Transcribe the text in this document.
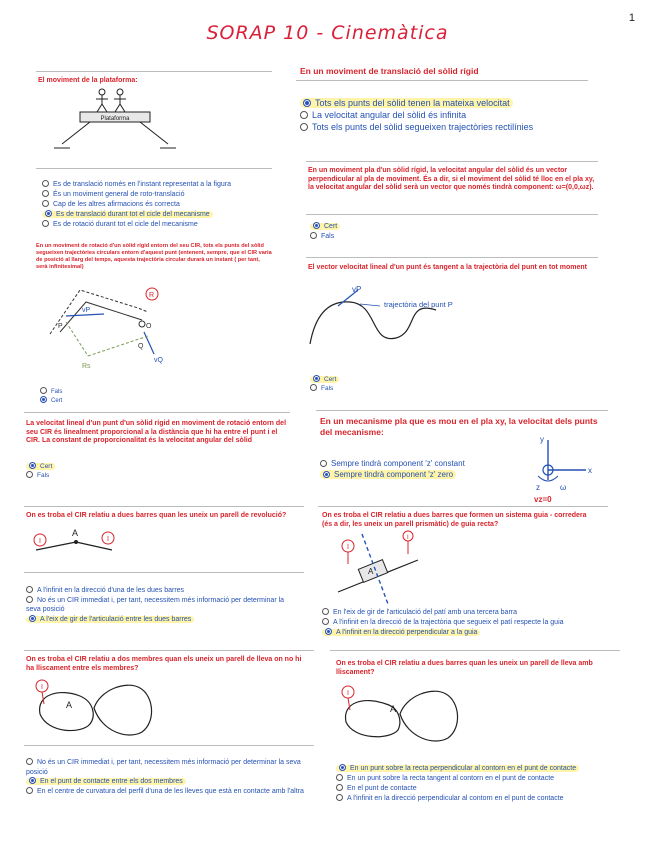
SORAP 10 - Cinemàtica
1
El moviment de la plataforma:
Plataforma
Es de translació només en l'instant representat a la figura
És un moviment general de roto-translació
Cap de les altres afirmacions és correcta
Es de translació durant tot el cicle del mecanisme
Es de rotació durant tot el cicle del mecanisme
En un moviment de translació del sòlid rígid
Tots els punts del sòlid tenen la mateixa velocitat
La velocitat angular del sòlid és infinita
Tots els punts del sòlid segueixen trajectòries rectilínies
En un moviment pla d'un sòlid rígid, la velocitat angular del sòlid és un vector perpendicular al pla de moviment. És a dir, si el moviment del sòlid té lloc en el pla xy, la velocitat angular del sòlid serà un vector que només tindrà component: ω=(0,0,ωz).
Cert
Fals
En un moviment de rotació d'un sòlid rígid entorn del seu CIR, tots els punts del sòlid segueixen trajectòries circulars entorn d'aquest punt (entenent, sempre, que el CIR varia de posició al llarg del temps, aquesta trajectòria circular durarà un instant ( per tant, serà infinitesimal)
R
vP
P	O
vQ
Q
Rs
Fals
Cert
El vector velocitat lineal d'un punt és tangent a la trajectòria del punt en tot moment
vP
trajectòria del punt P
Cert
Fals
La velocitat lineal d'un punt d'un sòlid rígid en moviment de rotació entorn del seu CIR és linealment proporcional a la distància que hi ha entre el punt i el CIR. La constant de proporcionalitat és la velocitat angular del sòlid
Cert
Fals
En un mecanisme pla que es mou en el pla xy, la velocitat dels punts del mecanisme:
Sempre tindrà component 'z' constant
Sempre tindrà component 'z' zero
y
x
z	ω
vz=0
On es troba el CIR relatiu a dues barres quan les uneix un parell de revolució?
I
A
I
A l'infinit en la direcció d'una de les dues barres
No és un CIR immediat i, per tant, necessitem més informació per determinar la seva posició
A l'eix de gir de l'articulació entre les dues barres
On es troba el CIR relatiu a dues barres que formen un sistema guia - corredera (és a dir, les uneix un parell prismàtic) de guia recta?
I
A
I
En l'eix de gir de l'articulació del patí amb una tercera barra
A l'infinit en la direcció de la trajectòria que segueix el patí respecte la guia
A l'infinit en la direcció perpendicular a la guia
On es troba el CIR relatiu a dos membres quan els uneix un parell de lleva on no hi ha lliscament entre els membres?
I
A
No és un CIR immediat i, per tant, necessitem més informació per determinar la seva posició
En el punt de contacte entre els dos membres
En el centre de curvatura del perfil d'una de les lleves que està en contacte amb l'altra
On es troba el CIR relatiu a dues barres quan les uneix un parell de lleva amb lliscament?
I
A
En un punt sobre la recta perpendicular al contorn en el punt de contacte
En un punt sobre la recta tangent al contorn en el punt de contacte
En el punt de contacte
A l'infinit en la direcció perpendicular al contorn en el punt de contacte
